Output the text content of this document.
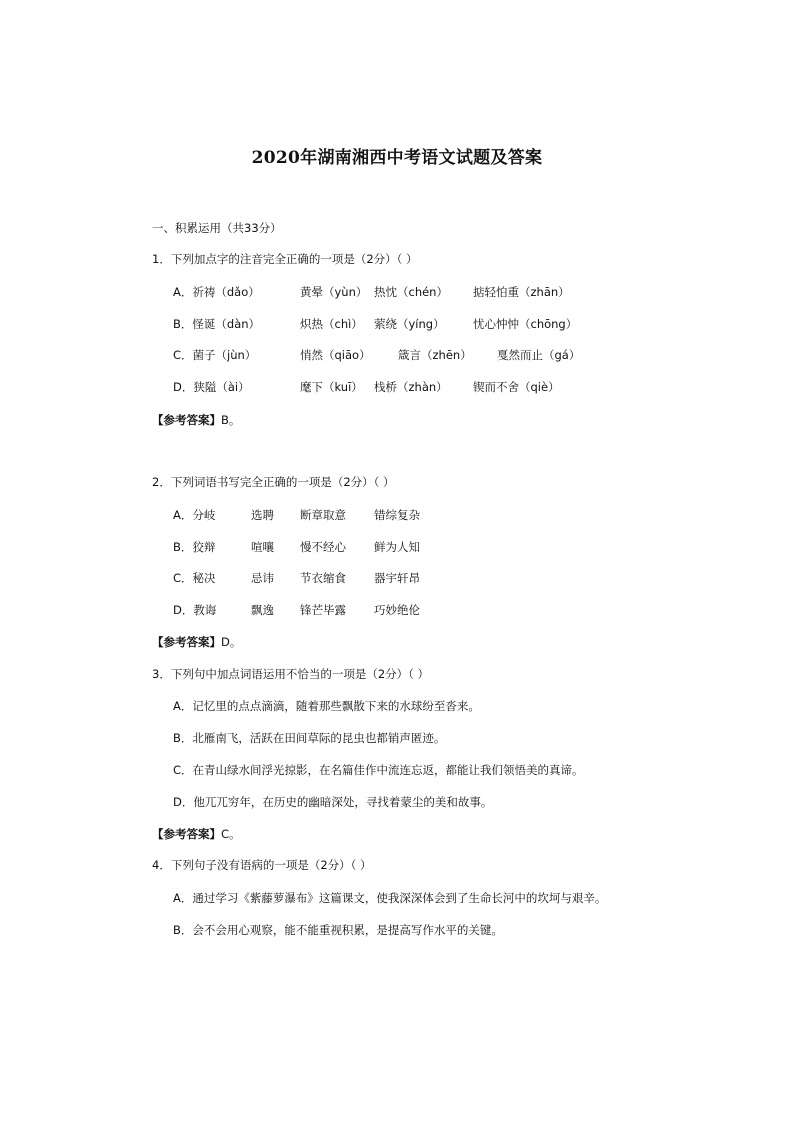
2020年湖南湘西中考语文试题及答案
一、积累运用（共33分）
1．下列加点字的注音完全正确的一项是（2分）（ ）
A．祈祷（dǎo）	黄晕（yùn） 热忱（chén） 掂轻怕重（zhān）
B．怪诞（dàn）	炽热（chì） 萦绕（yíng） 忧心忡忡（chōng）
C．菌子（jùn）	悄然（qiāo） 箴言（zhēn） 戛然而止（gá）
D．狭隘（ài）	麾下（kuī） 栈桥（zhàn） 锲而不舍（qiè）
【参考答案】B。
2．下列词语书写完全正确的一项是（2分）（ ）
A．分岐	选聘 断章取意 错综复杂
B．狡辩	喧嚷 慢不经心 鲜为人知
C．秘决	忌讳 节衣缩食 器宇轩昂
D．教诲	飘逸 锋芒毕露 巧妙绝伦
【参考答案】D。
3．下列句中加点词语运用不恰当的一项是（2分）（ ）
A．记忆里的点点滴滴，随着那些飘散下来的水球纷至沓来。
B．北雁南飞，活跃在田间草际的昆虫也都销声匿迹。
C．在青山绿水间浮光掠影，在名篇佳作中流连忘返，都能让我们领悟美的真谛。
D．他兀兀穷年，在历史的幽暗深处，寻找着蒙尘的美和故事。
【参考答案】C。
4．下列句子没有语病的一项是（2分）（ ）
A．通过学习《紫藤萝瀑布》这篇课文，使我深深体会到了生命长河中的坎坷与艰辛。
B．会不会用心观察，能不能重视积累，是提高写作水平的关键。
